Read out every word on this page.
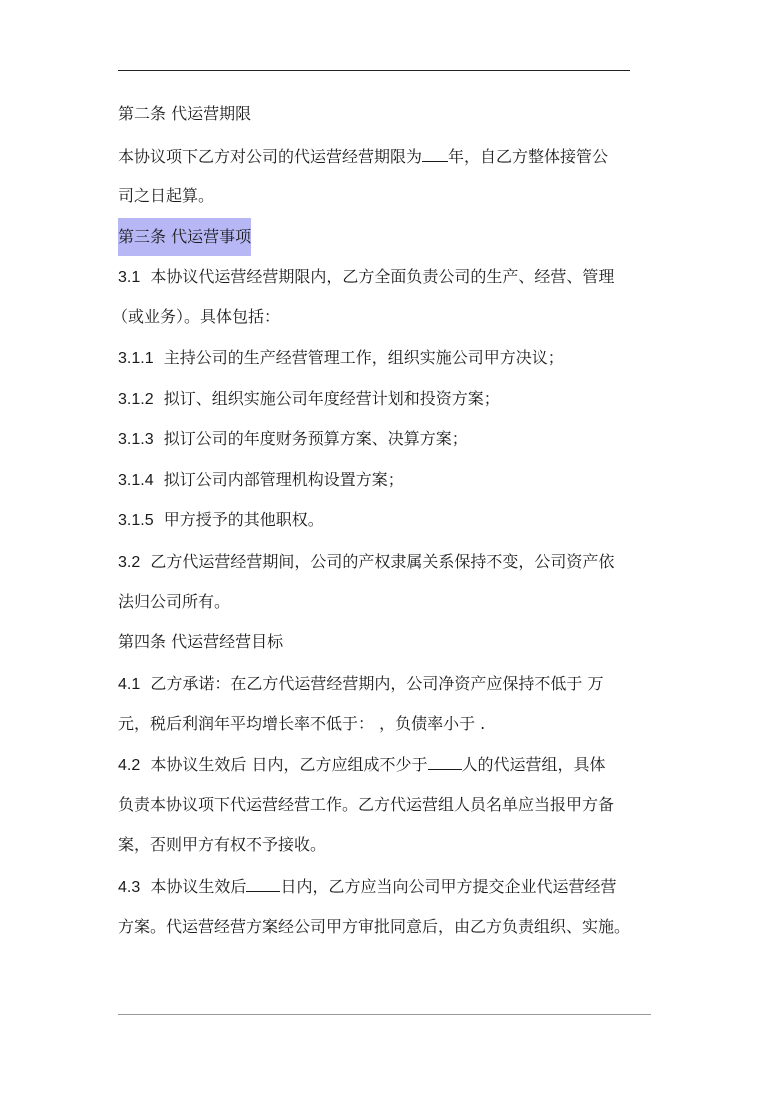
第二条 代运营期限
本协议项下乙方对公司的代运营经营期限为 年，自乙方整体接管公
司之日起算。
第三条 代运营事项
3.1 本协议代运营经营期限内，乙方全面负责公司的生产、经营、管理
（或业务）。具体包括：
3.1.1 主持公司的生产经营管理工作，组织实施公司甲方决议；
3.1.2 拟订、组织实施公司年度经营计划和投资方案；
3.1.3 拟订公司的年度财务预算方案、决算方案；
3.1.4 拟订公司内部管理机构设置方案；
3.1.5 甲方授予的其他职权。
3.2 乙方代运营经营期间，公司的产权隶属关系保持不变，公司资产依
法归公司所有。
第四条 代运营经营目标
4.1 乙方承诺：在乙方代运营经营期内，公司净资产应保持不低于 万
元，税后利润年平均增长率不低于： ，负债率小于 .
4.2 本协议生效后 日内，乙方应组成不少于 人的代运营组，具体
负责本协议项下代运营经营工作。乙方代运营组人员名单应当报甲方备
案，否则甲方有权不予接收。
4.3 本协议生效后 日内，乙方应当向公司甲方提交企业代运营经营
方案。代运营经营方案经公司甲方审批同意后，由乙方负责组织、实施。
